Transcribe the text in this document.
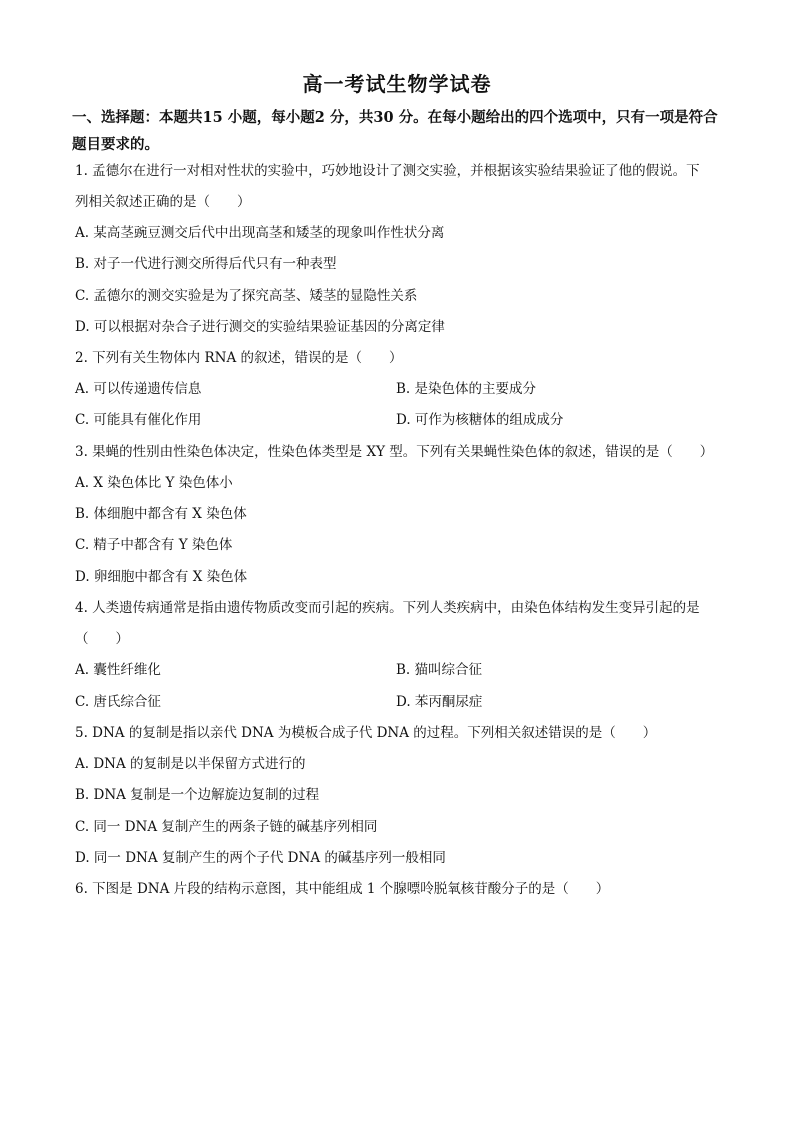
高一考试生物学试卷
一、选择题：本题共15 小题，每小题2 分，共30 分。在每小题给出的四个选项中，只有一项是符合题目要求的。
1. 孟德尔在进行一对相对性状的实验中，巧妙地设计了测交实验，并根据该实验结果验证了他的假说。下
列相关叙述正确的是（　　）
A. 某高茎豌豆测交后代中出现高茎和矮茎的现象叫作性状分离
B. 对子一代进行测交所得后代只有一种表型
C. 孟德尔的测交实验是为了探究高茎、矮茎的显隐性关系
D. 可以根据对杂合子进行测交的实验结果验证基因的分离定律
2. 下列有关生物体内 RNA 的叙述，错误的是（　　）
A. 可以传递遗传信息	B. 是染色体的主要成分
C. 可能具有催化作用	D. 可作为核糖体的组成成分
3. 果蝇的性别由性染色体决定，性染色体类型是 XY 型。下列有关果蝇性染色体的叙述，错误的是（　　）
A. X 染色体比 Y 染色体小
B. 体细胞中都含有 X 染色体
C. 精子中都含有 Y 染色体
D. 卵细胞中都含有 X 染色体
4. 人类遗传病通常是指由遗传物质改变而引起的疾病。下列人类疾病中，由染色体结构发生变异引起的是
（　　）
A. 囊性纤维化	B. 猫叫综合征
C. 唐氏综合征	D. 苯丙酮尿症
5. DNA 的复制是指以亲代 DNA 为模板合成子代 DNA 的过程。下列相关叙述错误的是（　　）
A. DNA 的复制是以半保留方式进行的
B. DNA 复制是一个边解旋边复制的过程
C. 同一 DNA 复制产生的两条子链的碱基序列相同
D. 同一 DNA 复制产生的两个子代 DNA 的碱基序列一般相同
6. 下图是 DNA 片段的结构示意图，其中能组成 1 个腺嘌呤脱氧核苷酸分子的是（　　）
